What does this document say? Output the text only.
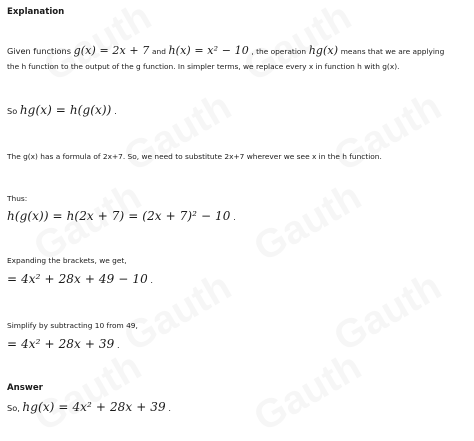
Explanation
Given functions g(x) = 2x + 7 and h(x) = x² − 10 , the operation hg(x) means that we are applying
the h function to the output of the g function. In simpler terms, we replace every x in function h with g(x).
So hg(x) = h(g(x)) .
The g(x) has a formula of 2x+7. So, we need to substitute 2x+7 wherever we see x in the h function.
Thus:
h(g(x)) = h(2x + 7) = (2x + 7)² − 10 .
Expanding the brackets, we get,
= 4x² + 28x + 49 − 10 .
Simplify by subtracting 10 from 49,
= 4x² + 28x + 39 .
Answer
So, hg(x) = 4x² + 28x + 39 .
